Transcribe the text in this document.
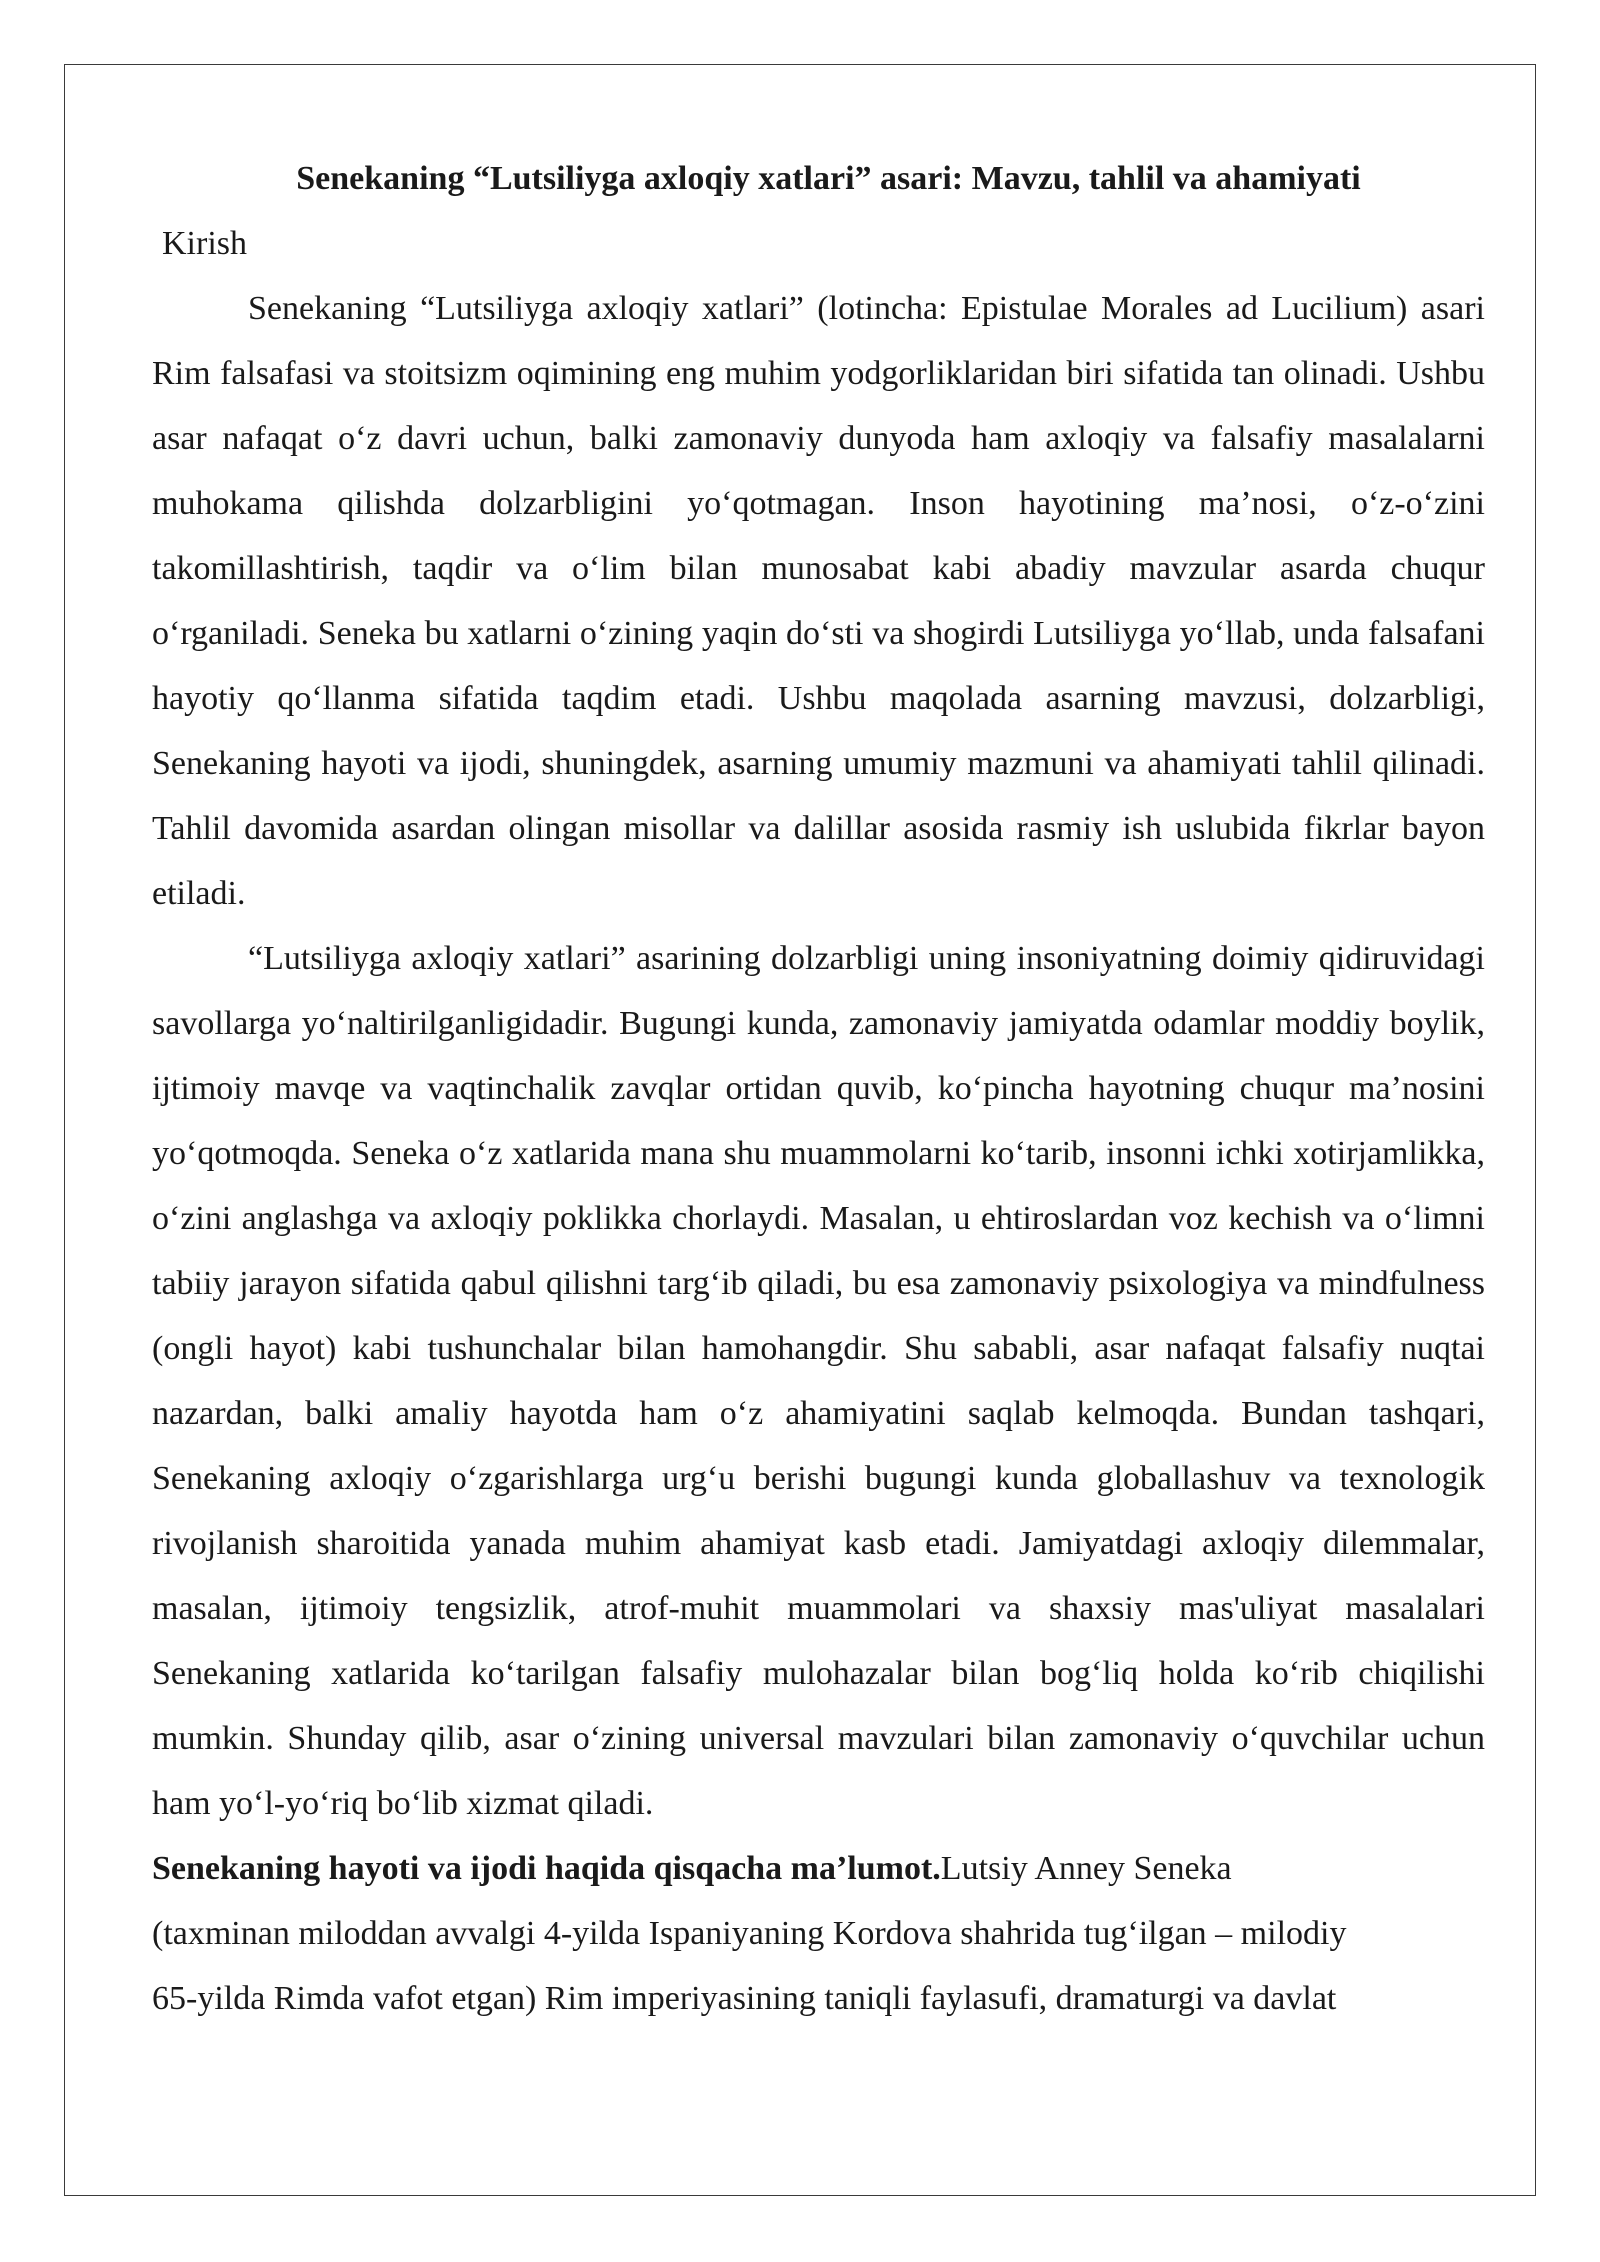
Senekaning “Lutsiliyga axloqiy xatlari” asari: Mavzu, tahlil va ahamiyati

Kirish

Senekaning “Lutsiliyga axloqiy xatlari” (lotincha: Epistulae Morales ad Lucilium) asari Rim falsafasi va stoitsizm oqimining eng muhim yodgorliklaridan biri sifatida tan olinadi. Ushbu asar nafaqat o‘z davri uchun, balki zamonaviy dunyoda ham axloqiy va falsafiy masalalarni muhokama qilishda dolzarbligini yo‘qotmagan. Inson hayotining ma’nosi, o‘z-o‘zini takomillashtirish, taqdir va o‘lim bilan munosabat kabi abadiy mavzular asarda chuqur o‘rganiladi. Seneka bu xatlarni o‘zining yaqin do‘sti va shogirdi Lutsiliyga yo‘llab, unda falsafani hayotiy qo‘llanma sifatida taqdim etadi. Ushbu maqolada asarning mavzusi, dolzarbligi, Senekaning hayoti va ijodi, shuningdek, asarning umumiy mazmuni va ahamiyati tahlil qilinadi. Tahlil davomida asardan olingan misollar va dalillar asosida rasmiy ish uslubida fikrlar bayon etiladi.

“Lutsiliyga axloqiy xatlari” asarining dolzarbligi uning insoniyatning doimiy qidiruvidagi savollarga yo‘naltirilganligidadir. Bugungi kunda, zamonaviy jamiyatda odamlar moddiy boylik, ijtimoiy mavqe va vaqtinchalik zavqlar ortidan quvib, ko‘pincha hayotning chuqur ma’nosini yo‘qotmoqda. Seneka o‘z xatlarida mana shu muammolarni ko‘tarib, insonni ichki xotirjamlikka, o‘zini anglashga va axloqiy poklikka chorlaydi. Masalan, u ehtiroslardan voz kechish va o‘limni tabiiy jarayon sifatida qabul qilishni targ‘ib qiladi, bu esa zamonaviy psixologiya va mindfulness (ongli hayot) kabi tushunchalar bilan hamohangdir. Shu sababli, asar nafaqat falsafiy nuqtai nazardan, balki amaliy hayotda ham o‘z ahamiyatini saqlab kelmoqda. Bundan tashqari, Senekaning axloqiy o‘zgarishlarga urg‘u berishi bugungi kunda globallashuv va texnologik rivojlanish sharoitida yanada muhim ahamiyat kasb etadi. Jamiyatdagi axloqiy dilemmalar, masalan, ijtimoiy tengsizlik, atrof-muhit muammolari va shaxsiy mas'uliyat masalalari Senekaning xatlarida ko‘tarilgan falsafiy mulohazalar bilan bog‘liq holda ko‘rib chiqilishi mumkin. Shunday qilib, asar o‘zining universal mavzulari bilan zamonaviy o‘quvchilar uchun ham yo‘l-yo‘riq bo‘lib xizmat qiladi.

Senekaning hayoti va ijodi haqida qisqacha ma’lumot.Lutsiy Anney Seneka
(taxminan miloddan avvalgi 4-yilda Ispaniyaning Kordova shahrida tug‘ilgan – milodiy
65-yilda Rimda vafot etgan) Rim imperiyasining taniqli faylasufi, dramaturgi va davlat
